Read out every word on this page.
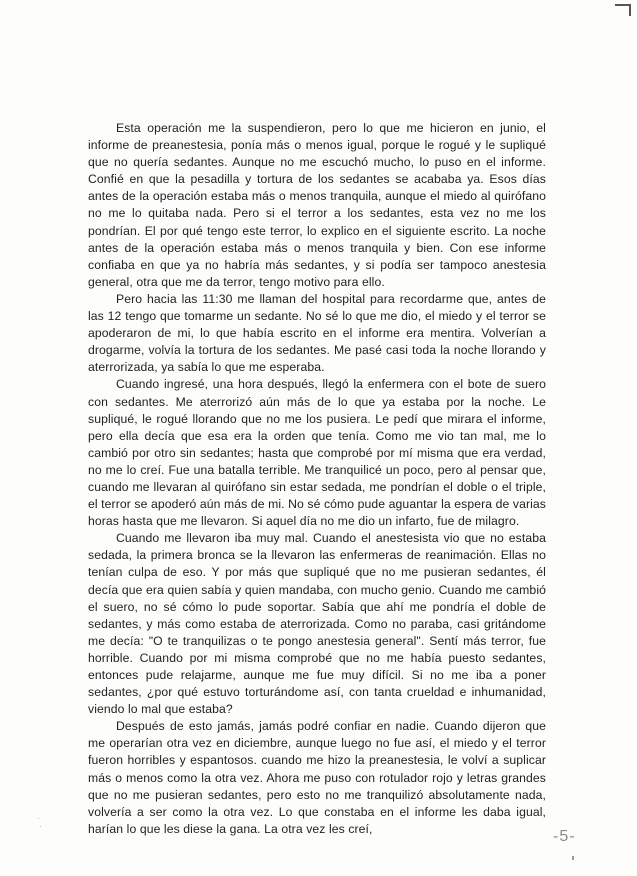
Esta operación me la suspendieron, pero lo que me hicieron en junio, el informe de preanestesia, ponía más o menos igual, porque le rogué y le supliqué que no quería sedantes. Aunque no me escuchó mucho, lo puso en el informe. Confié en que la pesadilla y tortura de los sedantes se acababa ya. Esos días antes de la operación estaba más o menos tranquila, aunque el miedo al quirófano no me lo quitaba nada. Pero si el terror a los sedantes, esta vez no me los pondrían. El por qué tengo este terror, lo explico en el siguiente escrito. La noche antes de la operación estaba más o menos tranquila y bien. Con ese informe confiaba en que ya no habría más sedantes, y si podía ser tampoco anestesia general, otra que me da terror, tengo motivo para ello.

Pero hacia las 11:30 me llaman del hospital para recordarme que, antes de las 12 tengo que tomarme un sedante. No sé lo que me dio, el miedo y el terror se apoderaron de mi, lo que había escrito en el informe era mentira. Volverían a drogarme, volvía la tortura de los sedantes. Me pasé casi toda la noche llorando y aterrorizada, ya sabía lo que me esperaba.

Cuando ingresé, una hora después, llegó la enfermera con el bote de suero con sedantes. Me aterrorizó aún más de lo que ya estaba por la noche. Le supliqué, le rogué llorando que no me los pusiera. Le pedí que mirara el informe, pero ella decía que esa era la orden que tenía. Como me vio tan mal, me lo cambió por otro sin sedantes; hasta que comprobé por mí misma que era verdad, no me lo creí. Fue una batalla terrible. Me tranquilicé un poco, pero al pensar que, cuando me llevaran al quirófano sin estar sedada, me pondrían el doble o el triple, el terror se apoderó aún más de mi. No sé cómo pude aguantar la espera de varias horas hasta que me llevaron. Si aquel día no me dio un infarto, fue de milagro.

Cuando me llevaron iba muy mal. Cuando el anestesista vio que no estaba sedada, la primera bronca se la llevaron las enfermeras de reanimación. Ellas no tenían culpa de eso. Y por más que supliqué que no me pusieran sedantes, él decía que era quien sabía y quien mandaba, con mucho genio. Cuando me cambió el suero, no sé cómo lo pude soportar. Sabía que ahí me pondría el doble de sedantes, y más como estaba de aterrorizada. Como no paraba, casi gritándome me decía: "O te tranquilizas o te pongo anestesia general". Sentí más terror, fue horrible. Cuando por mi misma comprobé que no me había puesto sedantes, entonces pude relajarme, aunque me fue muy difícil. Si no me iba a poner sedantes, ¿por qué estuvo torturándome así, con tanta crueldad e inhumanidad, viendo lo mal que estaba?

Después de esto jamás, jamás podré confiar en nadie. Cuando dijeron que me operarían otra vez en diciembre, aunque luego no fue así, el miedo y el terror fueron horribles y espantosos. cuando me hizo la preanestesia, le volví a suplicar más o menos como la otra vez. Ahora me puso con rotulador rojo y letras grandes que no me pusieran sedantes, pero esto no me tranquilizó absolutamente nada, volvería a ser como la otra vez. Lo que constaba en el informe les daba igual, harían lo que les diese la gana. La otra vez les creí,	-5-
